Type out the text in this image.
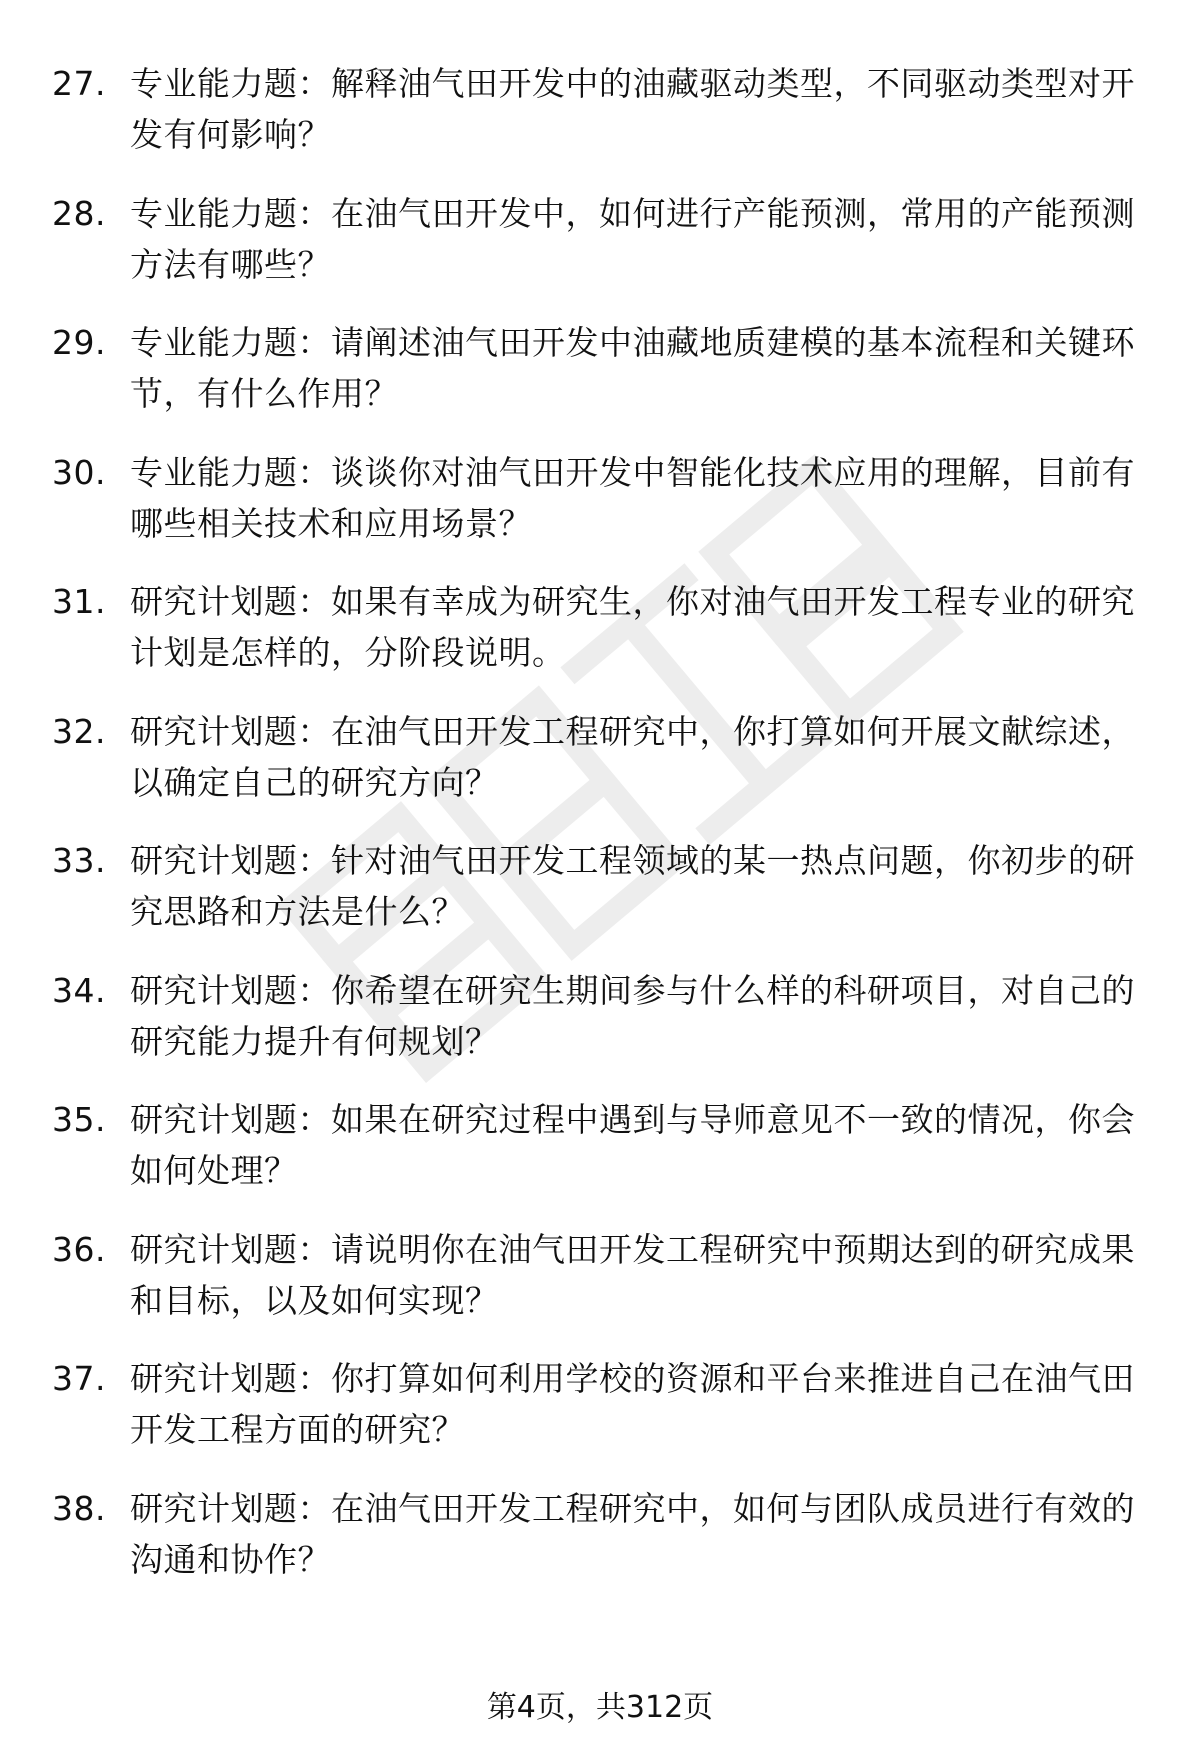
27. 专业能力题：解释油气田开发中的油藏驱动类型，不同驱动类型对开发有何影响？
28. 专业能力题：在油气田开发中，如何进行产能预测，常用的产能预测方法有哪些？
29. 专业能力题：请阐述油气田开发中油藏地质建模的基本流程和关键环节，有什么作用？
30. 专业能力题：谈谈你对油气田开发中智能化技术应用的理解，目前有哪些相关技术和应用场景？
31. 研究计划题：如果有幸成为研究生，你对油气田开发工程专业的研究计划是怎样的，分阶段说明。
32. 研究计划题：在油气田开发工程研究中，你打算如何开展文献综述，以确定自己的研究方向？
33. 研究计划题：针对油气田开发工程领域的某一热点问题，你初步的研究思路和方法是什么？
34. 研究计划题：你希望在研究生期间参与什么样的科研项目，对自己的研究能力提升有何规划？
35. 研究计划题：如果在研究过程中遇到与导师意见不一致的情况，你会如何处理？
36. 研究计划题：请说明你在油气田开发工程研究中预期达到的研究成果和目标，以及如何实现？
37. 研究计划题：你打算如何利用学校的资源和平台来推进自己在油气田开发工程方面的研究？
38. 研究计划题：在油气田开发工程研究中，如何与团队成员进行有效的沟通和协作？
第4页，共312页
